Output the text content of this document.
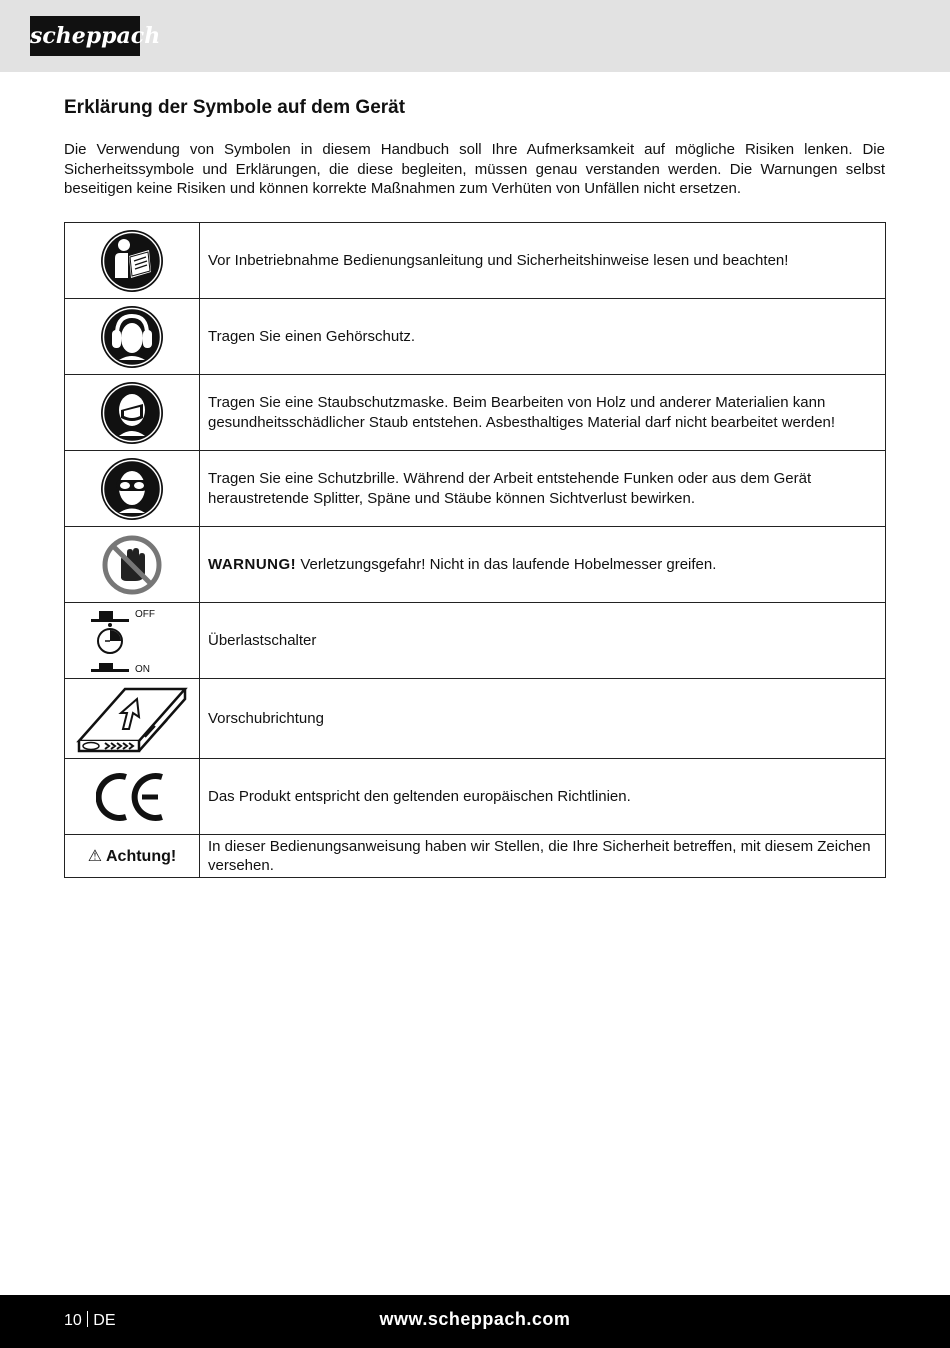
scheppach
Erklärung der Symbole auf dem Gerät

Die Verwendung von Symbolen in diesem Handbuch soll Ihre Aufmerksamkeit auf mögliche Risiken lenken. Die Sicherheitssymbole und Erklärungen, die diese begleiten, müssen genau verstanden werden. Die Warnungen selbst beseitigen keine Risiken und können korrekte Maßnahmen zum Verhüten von Unfällen nicht ersetzen.

	Vor Inbetriebnahme Bedienungsanleitung und Sicherheitshinweise lesen und beachten!

	Tragen Sie einen Gehörschutz.

	Tragen Sie eine Staubschutzmaske. Beim Bearbeiten von Holz und anderer Materialien kann gesundheitsschädlicher Staub entstehen. Asbesthaltiges Material darf nicht bearbeitet werden!

	Tragen Sie eine Schutzbrille. Während der Arbeit entstehende Funken oder aus dem Gerät heraustretende Splitter, Späne und Stäube können Sichtverlust bewirken.

	WARNUNG! Verletzungsgefahr! Nicht in das laufende Hobelmesser greifen.

OFF
ON	Überlastschalter

	Vorschubrichtung

	Das Produkt entspricht den geltenden europäischen Richtlinien.
⚠ Achtung!	In dieser Bedienungsanweisung haben wir Stellen, die Ihre Sicherheit betreffen, mit diesem Zeichen versehen.
10 DE	www.scheppach.com
